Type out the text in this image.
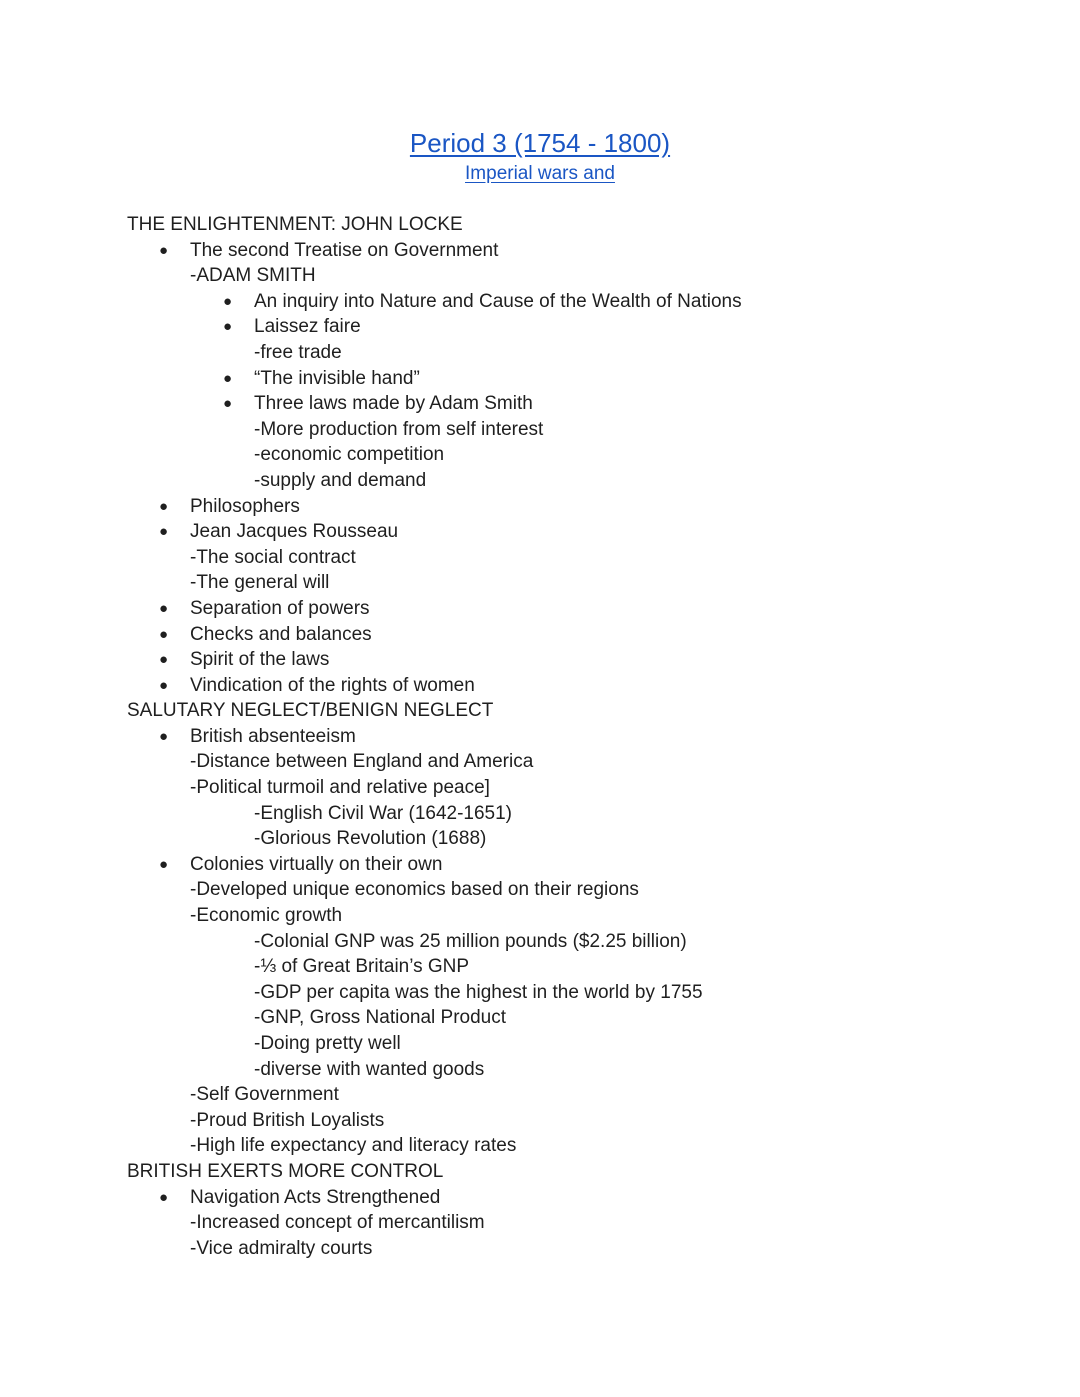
Period 3 (1754 - 1800)
Imperial wars and
THE ENLIGHTENMENT: JOHN LOCKE
● The second Treatise on Government
-ADAM SMITH
● An inquiry into Nature and Cause of the Wealth of Nations
● Laissez faire
-free trade
● “The invisible hand”
● Three laws made by Adam Smith
-More production from self interest
-economic competition
-supply and demand
● Philosophers
● Jean Jacques Rousseau
-The social contract
-The general will
● Separation of powers
● Checks and balances
● Spirit of the laws
● Vindication of the rights of women
SALUTARY NEGLECT/BENIGN NEGLECT
● British absenteeism
-Distance between England and America
-Political turmoil and relative peace]
-English Civil War (1642-1651)
-Glorious Revolution (1688)
● Colonies virtually on their own
-Developed unique economics based on their regions
-Economic growth
-Colonial GNP was 25 million pounds ($2.25 billion)
-⅓ of Great Britain’s GNP
-GDP per capita was the highest in the world by 1755
-GNP, Gross National Product
-Doing pretty well
-diverse with wanted goods
-Self Government
-Proud British Loyalists
-High life expectancy and literacy rates
BRITISH EXERTS MORE CONTROL
● Navigation Acts Strengthened
-Increased concept of mercantilism
-Vice admiralty courts
